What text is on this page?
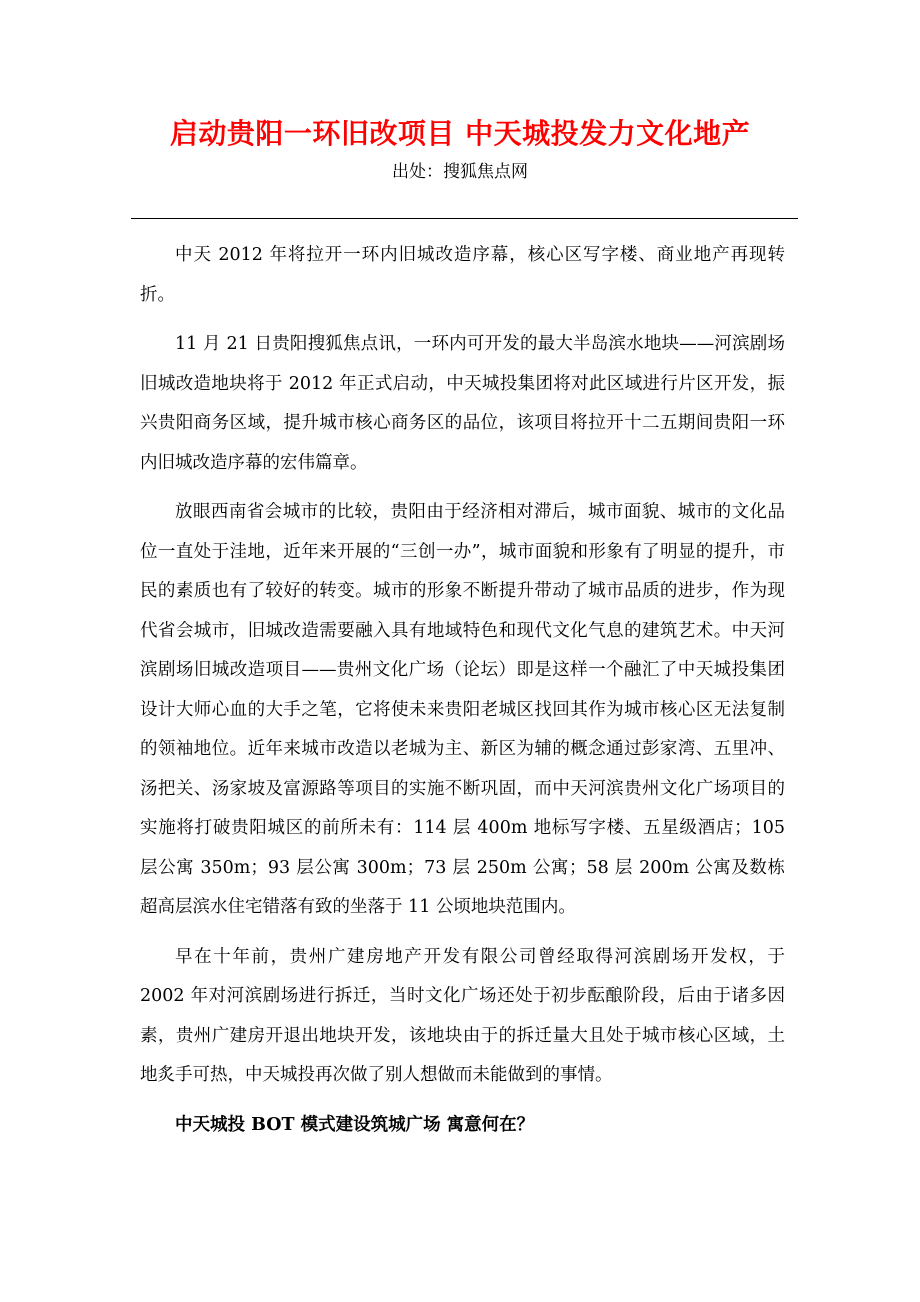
启动贵阳一环旧改项目 中天城投发力文化地产
出处：搜狐焦点网

中天 2012 年将拉开一环内旧城改造序幕，核心区写字楼、商业地产再现转折。

11 月 21 日贵阳搜狐焦点讯，一环内可开发的最大半岛滨水地块——河滨剧场旧城改造地块将于 2012 年正式启动，中天城投集团将对此区域进行片区开发，振兴贵阳商务区域，提升城市核心商务区的品位，该项目将拉开十二五期间贵阳一环内旧城改造序幕的宏伟篇章。

放眼西南省会城市的比较，贵阳由于经济相对滞后，城市面貌、城市的文化品位一直处于洼地，近年来开展的“三创一办”，城市面貌和形象有了明显的提升，市民的素质也有了较好的转变。城市的形象不断提升带动了城市品质的进步，作为现代省会城市，旧城改造需要融入具有地域特色和现代文化气息的建筑艺术。中天河滨剧场旧城改造项目——贵州文化广场（论坛）即是这样一个融汇了中天城投集团设计大师心血的大手之笔，它将使未来贵阳老城区找回其作为城市核心区无法复制的领袖地位。近年来城市改造以老城为主、新区为辅的概念通过彭家湾、五里冲、汤把关、汤家坡及富源路等项目的实施不断巩固，而中天河滨贵州文化广场项目的实施将打破贵阳城区的前所未有：114 层 400m 地标写字楼、五星级酒店；105 层公寓 350m；93 层公寓 300m；73 层 250m 公寓；58 层 200m 公寓及数栋超高层滨水住宅错落有致的坐落于 11 公顷地块范围内。

早在十年前，贵州广建房地产开发有限公司曾经取得河滨剧场开发权，于 2002 年对河滨剧场进行拆迁，当时文化广场还处于初步酝酿阶段，后由于诸多因素，贵州广建房开退出地块开发，该地块由于的拆迁量大且处于城市核心区域，土地炙手可热，中天城投再次做了别人想做而未能做到的事情。

中天城投 BOT 模式建设筑城广场 寓意何在？
